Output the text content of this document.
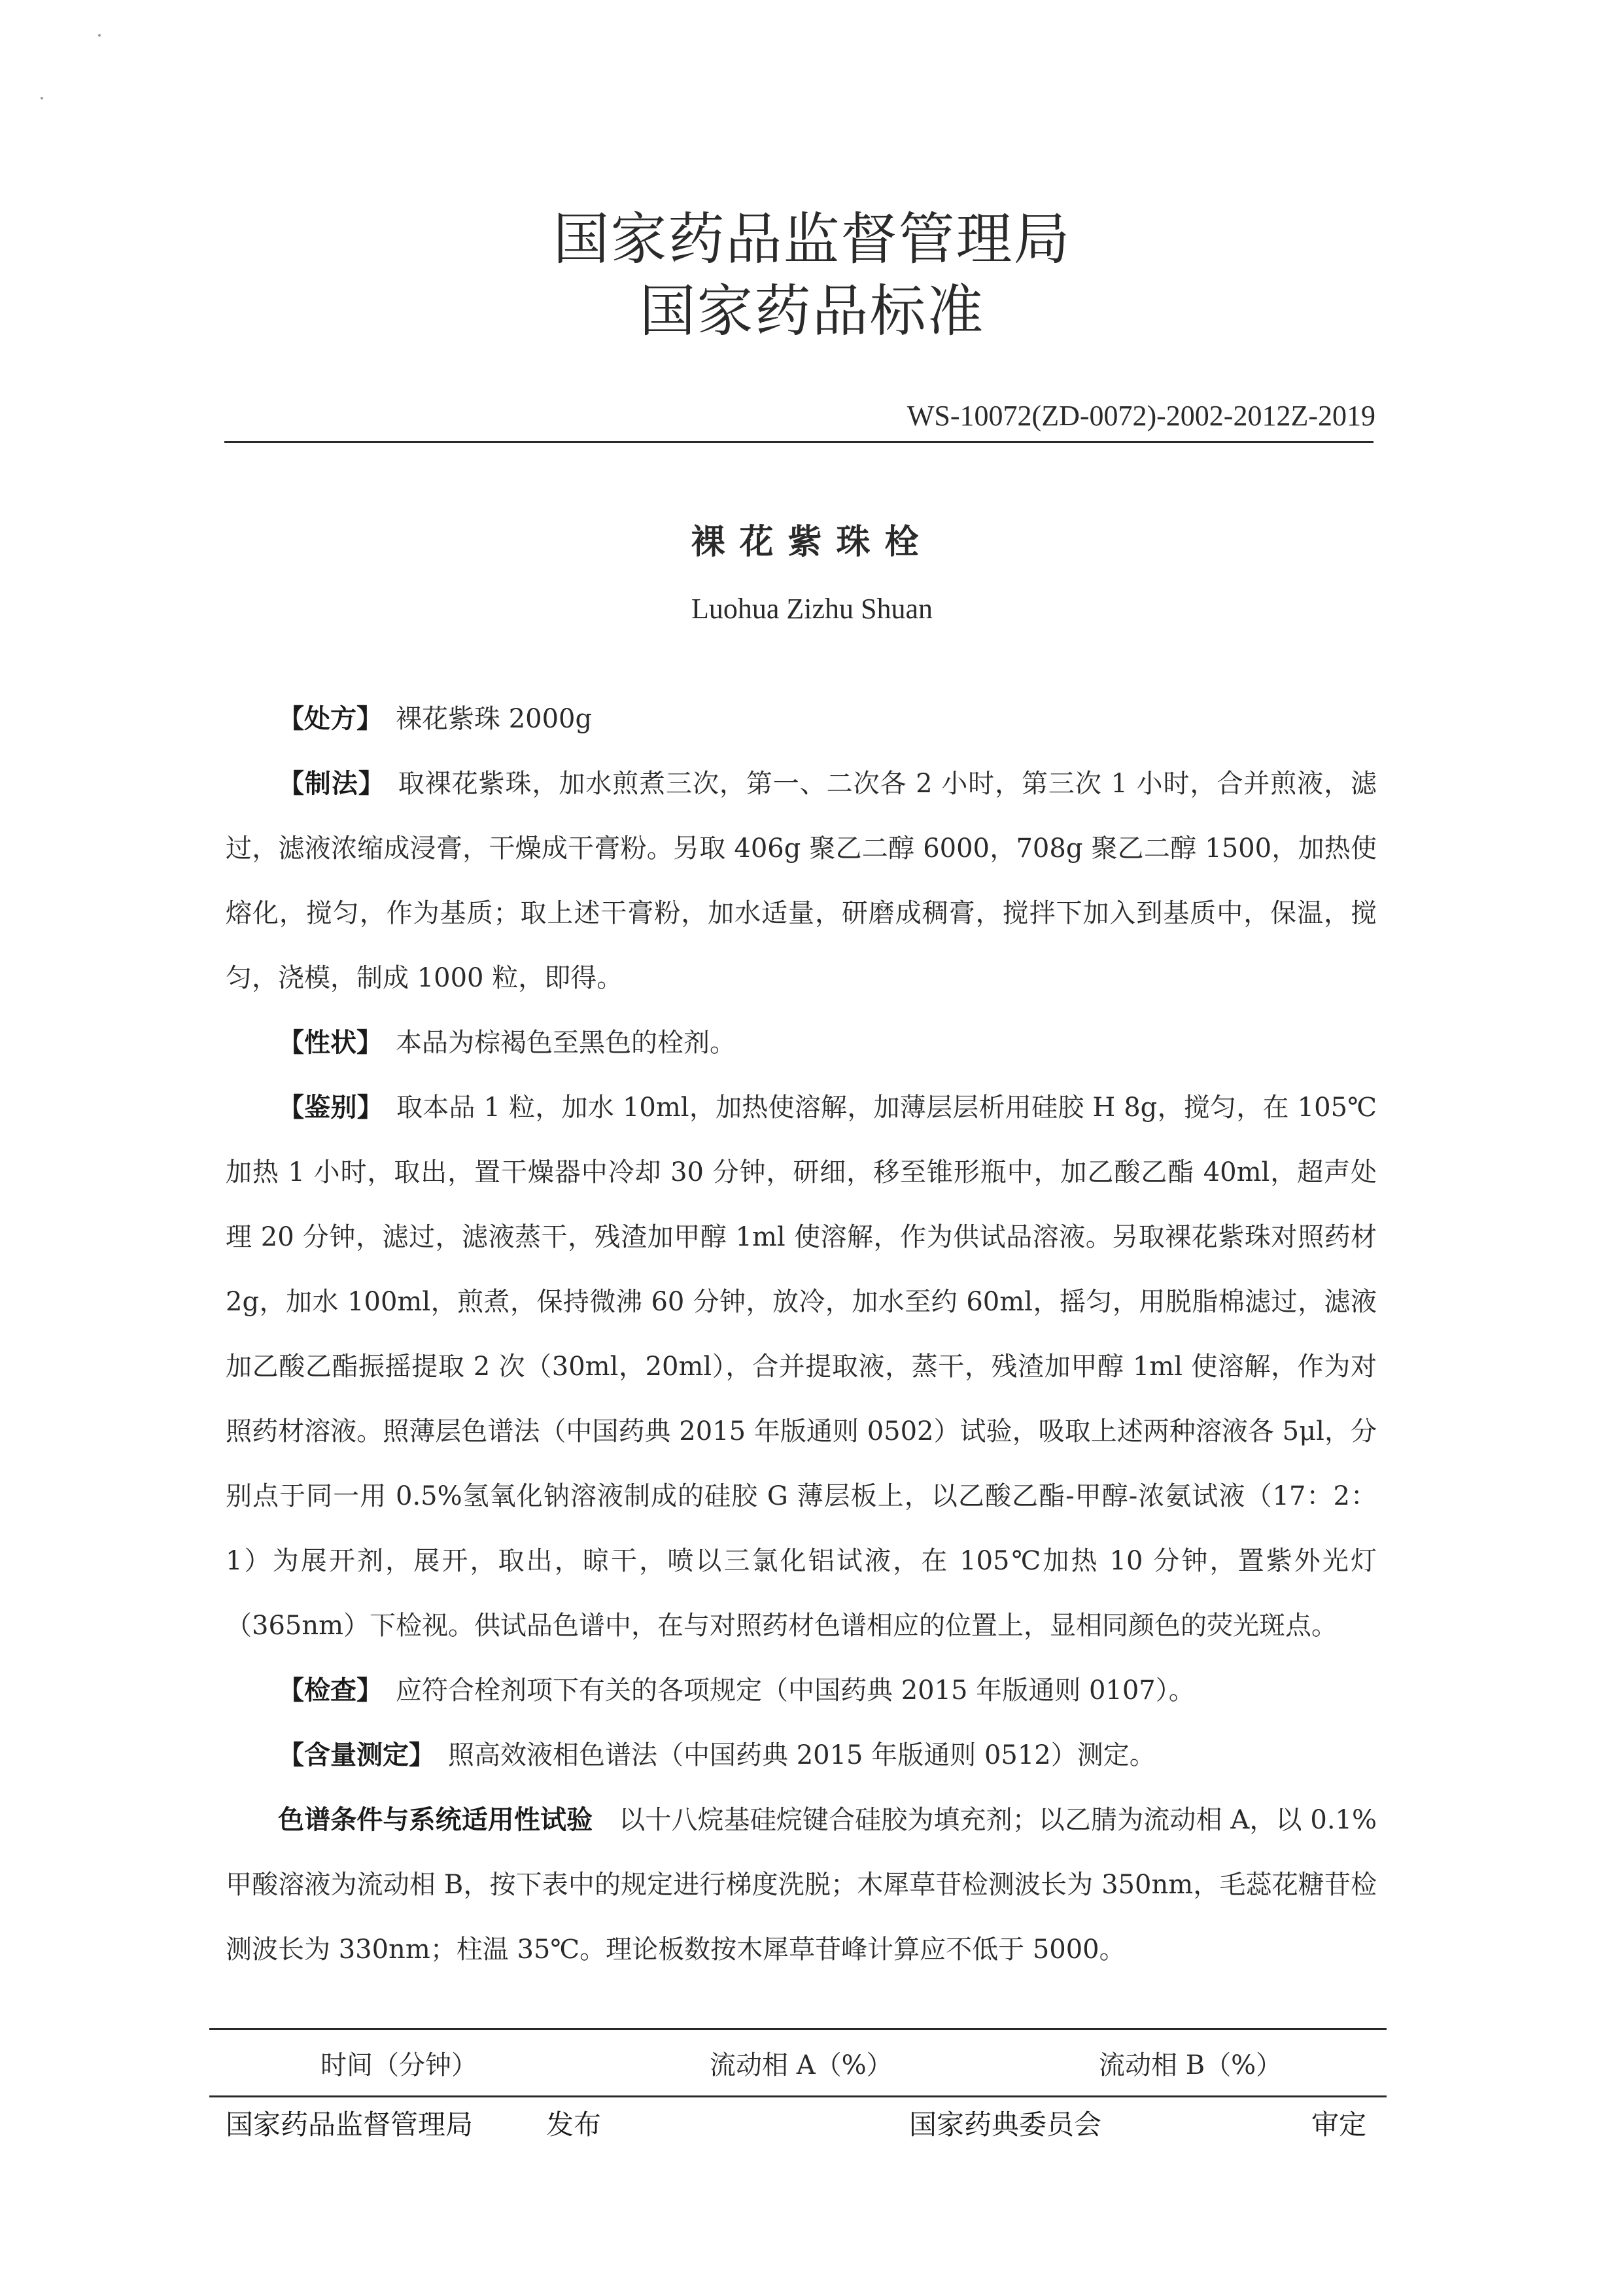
国家药品监督管理局
国家药品标准
WS-10072(ZD-0072)-2002-2012Z-2019
裸花紫珠栓
Luohua Zizhu Shuan

【处方】 裸花紫珠 2000g

【制法】 取裸花紫珠，加水煎煮三次，第一、二次各 2 小时，第三次 1 小时，合并煎液，滤过，滤液浓缩成浸膏，干燥成干膏粉。另取 406g 聚乙二醇 6000，708g 聚乙二醇 1500，加热使熔化，搅匀，作为基质；取上述干膏粉，加水适量，研磨成稠膏，搅拌下加入到基质中，保温，搅匀，浇模，制成 1000 粒，即得。

【性状】 本品为棕褐色至黑色的栓剂。

【鉴别】 取本品 1 粒，加水 10ml，加热使溶解，加薄层层析用硅胶 H 8g，搅匀，在 105℃加热 1 小时，取出，置干燥器中冷却 30 分钟，研细，移至锥形瓶中，加乙酸乙酯 40ml，超声处理 20 分钟，滤过，滤液蒸干，残渣加甲醇 1ml 使溶解，作为供试品溶液。另取裸花紫珠对照药材 2g，加水 100ml，煎煮，保持微沸 60 分钟，放冷，加水至约 60ml，摇匀，用脱脂棉滤过，滤液加乙酸乙酯振摇提取 2 次（30ml，20ml），合并提取液，蒸干，残渣加甲醇 1ml 使溶解，作为对照药材溶液。照薄层色谱法（中国药典 2015 年版通则 0502）试验，吸取上述两种溶液各 5μl，分别点于同一用 0.5%氢氧化钠溶液制成的硅胶 G 薄层板上，以乙酸乙酯-甲醇-浓氨试液（17：2：1）为展开剂，展开，取出，晾干，喷以三氯化铝试液，在 105℃加热 10 分钟，置紫外光灯（365nm）下检视。供试品色谱中，在与对照药材色谱相应的位置上，显相同颜色的荧光斑点。

【检查】 应符合栓剂项下有关的各项规定（中国药典 2015 年版通则 0107）。

【含量测定】 照高效液相色谱法（中国药典 2015 年版通则 0512）测定。

色谱条件与系统适用性试验 以十八烷基硅烷键合硅胶为填充剂；以乙腈为流动相 A，以 0.1%甲酸溶液为流动相 B，按下表中的规定进行梯度洗脱；木犀草苷检测波长为 350nm，毛蕊花糖苷检测波长为 330nm；柱温 35℃。理论板数按木犀草苷峰计算应不低于 5000。

时间（分钟）	流动相 A（%）	流动相 B（%）
国家药品监督管理局	发布	国家药典委员会	审定
